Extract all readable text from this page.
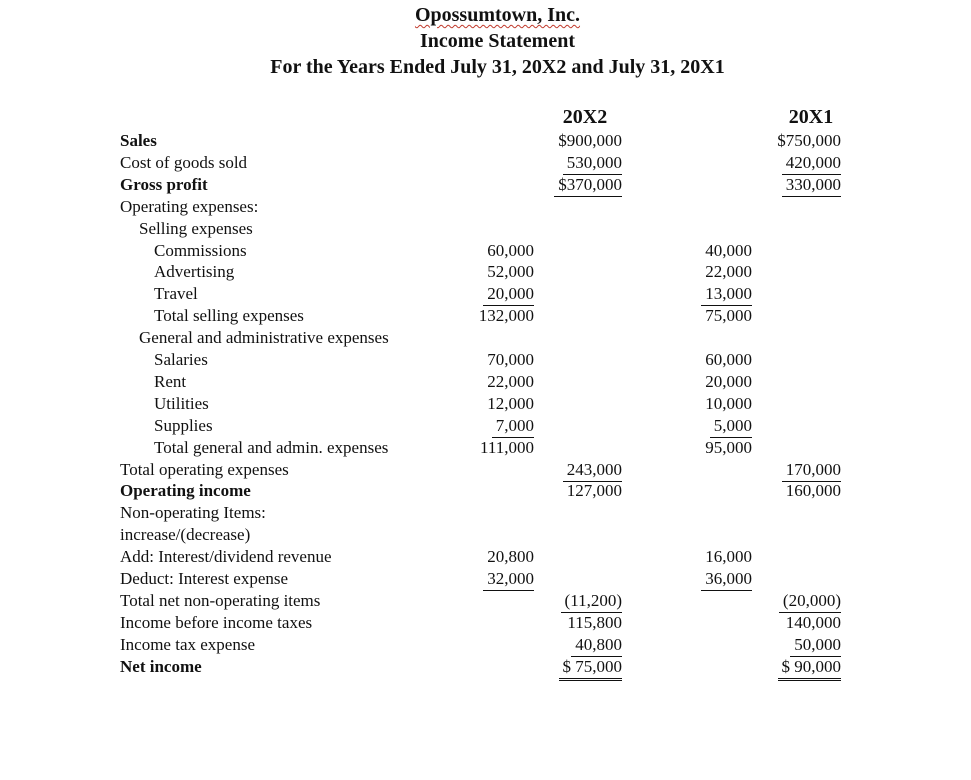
Opossumtown, Inc.
Income Statement
For the Years Ended July 31, 20X2 and July 31, 20X1
20X2	20X1
Sales	$900,000	$750,000
Cost of goods sold	530,000	420,000
Gross profit	$370,000	330,000
Operating expenses:
Selling expenses
Commissions	60,000	40,000
Advertising	52,000	22,000
Travel	20,000	13,000
Total selling expenses	132,000	75,000
General and administrative expenses
Salaries	70,000	60,000
Rent	22,000	20,000
Utilities	12,000	10,000
Supplies	7,000	5,000
Total general and admin. expenses	111,000	95,000
Total operating expenses	243,000	170,000
Operating income	127,000	160,000
Non-operating Items:
increase/(decrease)
Add: Interest/dividend revenue	20,800	16,000
Deduct: Interest expense	32,000	36,000
Total net non-operating items	(11,200)	(20,000)
Income before income taxes	115,800	140,000
Income tax expense	40,800	50,000
Net income	$ 75,000	$ 90,000
